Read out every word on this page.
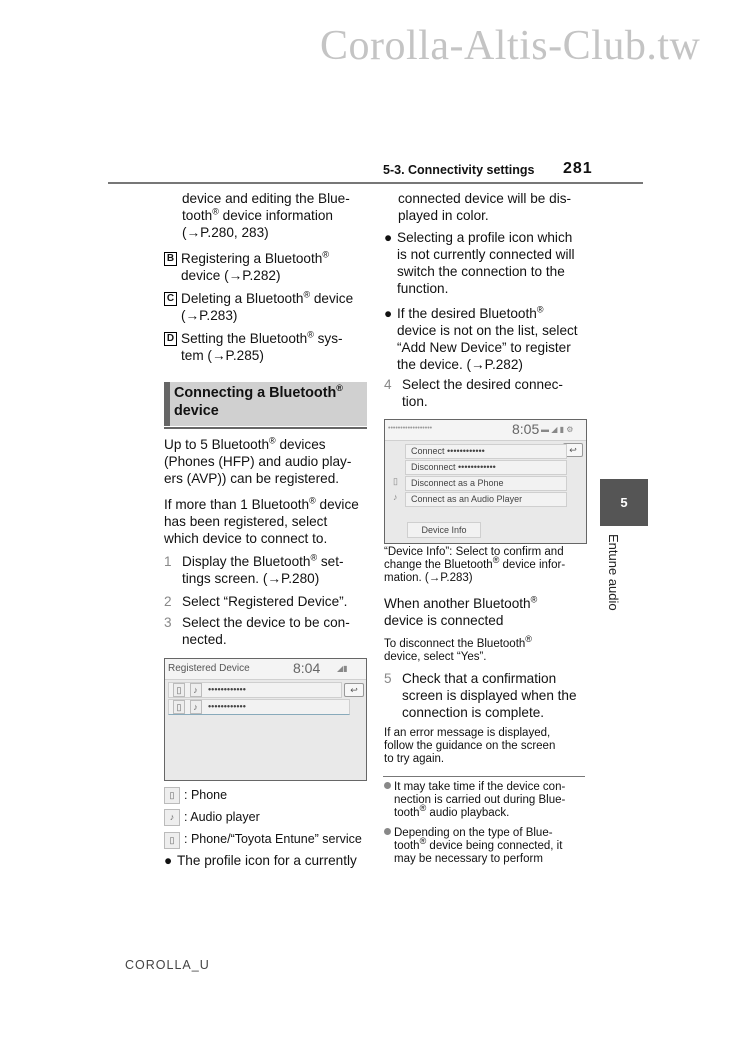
Corolla-Altis-Club.tw
5-3. Connectivity settings 281

device and editing the Blue-

tooth® device information

(→P.280, 283)

B Registering a Bluetooth®

device (→P.282)

C Deleting a Bluetooth® device

(→P.283)

D Setting the Bluetooth® sys-

tem (→P.285)

Connecting a Bluetooth®
device

Up to 5 Bluetooth® devices

(Phones (HFP) and audio play-

ers (AVP)) can be registered.

If more than 1 Bluetooth® device

has been registered, select

which device to connect to.

1 Display the Bluetooth® set-

tings screen. (→P.280)

2 Select “Registered Device”.

3 Select the device to be con-

nected.

Registered Device	8:04 ◢▮
▯ ♪ ••••••••••••
▯ ♪ ••••••••••••
↩

▯ : Phone

♪ : Audio player

▯ : Phone/“Toyota Entune” service

● The profile icon for a currently

connected device will be dis-

played in color.

● Selecting a profile icon which

is not currently connected will

switch the connection to the

function.

● If the desired Bluetooth®

device is not on the list, select

“Add New Device” to register

the device. (→P.282)

4 Select the desired connec-

tion.

••••••••••••••••••	8:05 ▬ ◢ ▮ ⚙
↩
Connect ••••••••••••
Disconnect ••••••••••••
Disconnect as a Phone
Connect as an Audio Player
▯
♪
Device Info

“Device Info”: Select to confirm and

change the Bluetooth® device infor-

mation. (→P.283)

When another Bluetooth®

device is connected

To disconnect the Bluetooth®

device, select “Yes”.

5 Check that a confirmation

screen is displayed when the

connection is complete.

If an error message is displayed,

follow the guidance on the screen

to try again.

It may take time if the device con-

nection is carried out during Blue-

tooth® audio playback.

Depending on the type of Blue-

tooth® device being connected, it

may be necessary to perform

5
Entune audio
COROLLA_U
